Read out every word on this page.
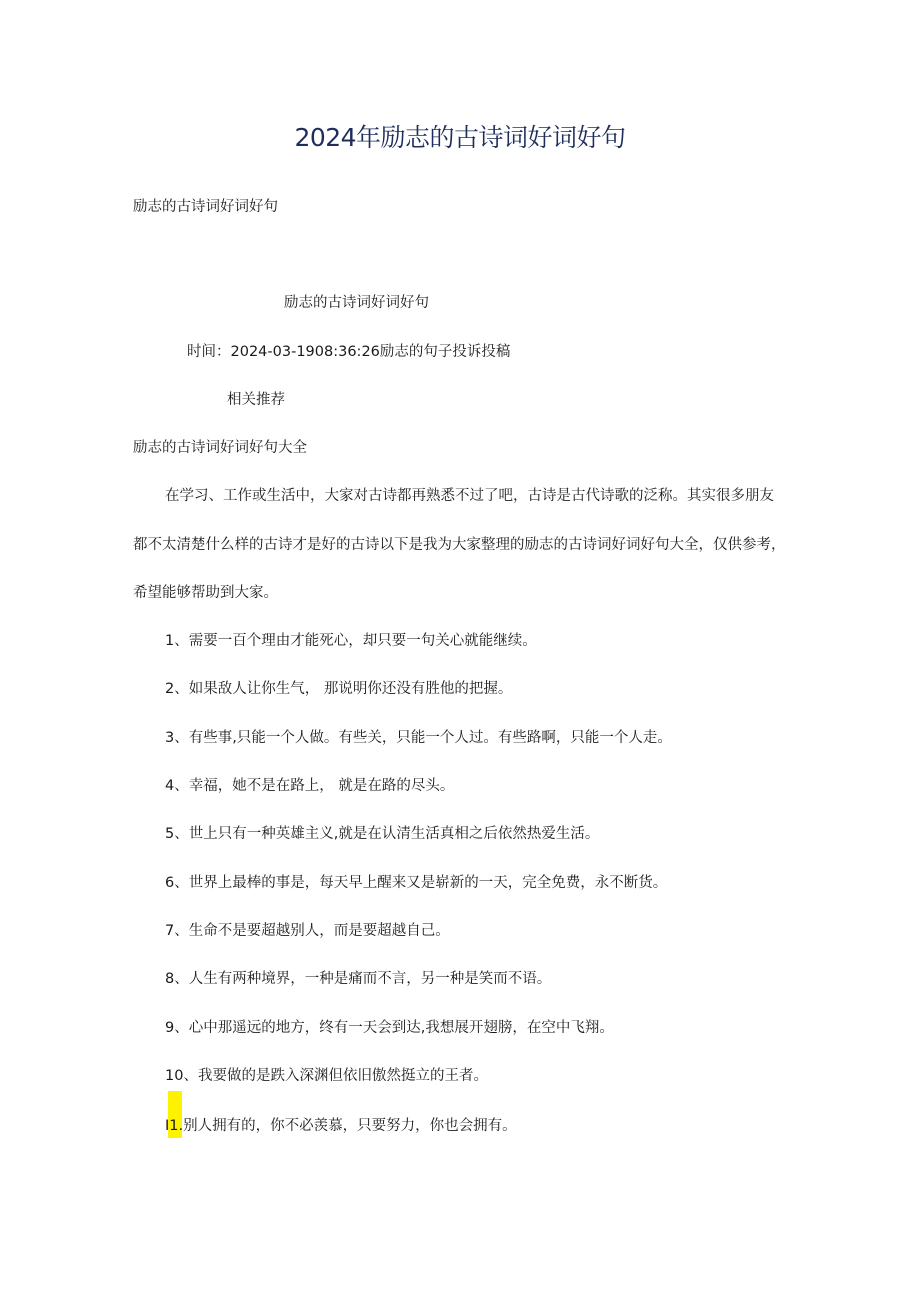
2024年励志的古诗词好词好句
励志的古诗词好词好句
励志的古诗词好词好句
时间：2024-03-1908:36:26励志的句子投诉投稿
相关推荐
励志的古诗词好词好句大全
在学习、工作或生活中，大家对古诗都再熟悉不过了吧，古诗是古代诗歌的泛称。其实很多朋友
都不太清楚什么样的古诗才是好的古诗以下是我为大家整理的励志的古诗词好词好句大全，仅供参考，
希望能够帮助到大家。
1、需要一百个理由才能死心，却只要一句关心就能继续。
2、如果敌人让你生气， 那说明你还没有胜他的把握。
3、有些事,只能一个人做。有些关，只能一个人过。有些路啊，只能一个人走。
4、幸福，她不是在路上， 就是在路的尽头。
5、世上只有一种英雄主义,就是在认清生活真相之后依然热爱生活。
6、世界上最棒的事是，每天早上醒来又是崭新的一天，完全免费，永不断货。
7、生命不是要超越别人，而是要超越自己。
8、人生有两种境界，一种是痛而不言，另一种是笑而不语。
9、心中那遥远的地方，终有一天会到达,我想展开翅膀，在空中飞翔。
10、我要做的是跌入深渊但依旧傲然挺立的王者。
I1.别人拥有的，你不必羡慕，只要努力，你也会拥有。
